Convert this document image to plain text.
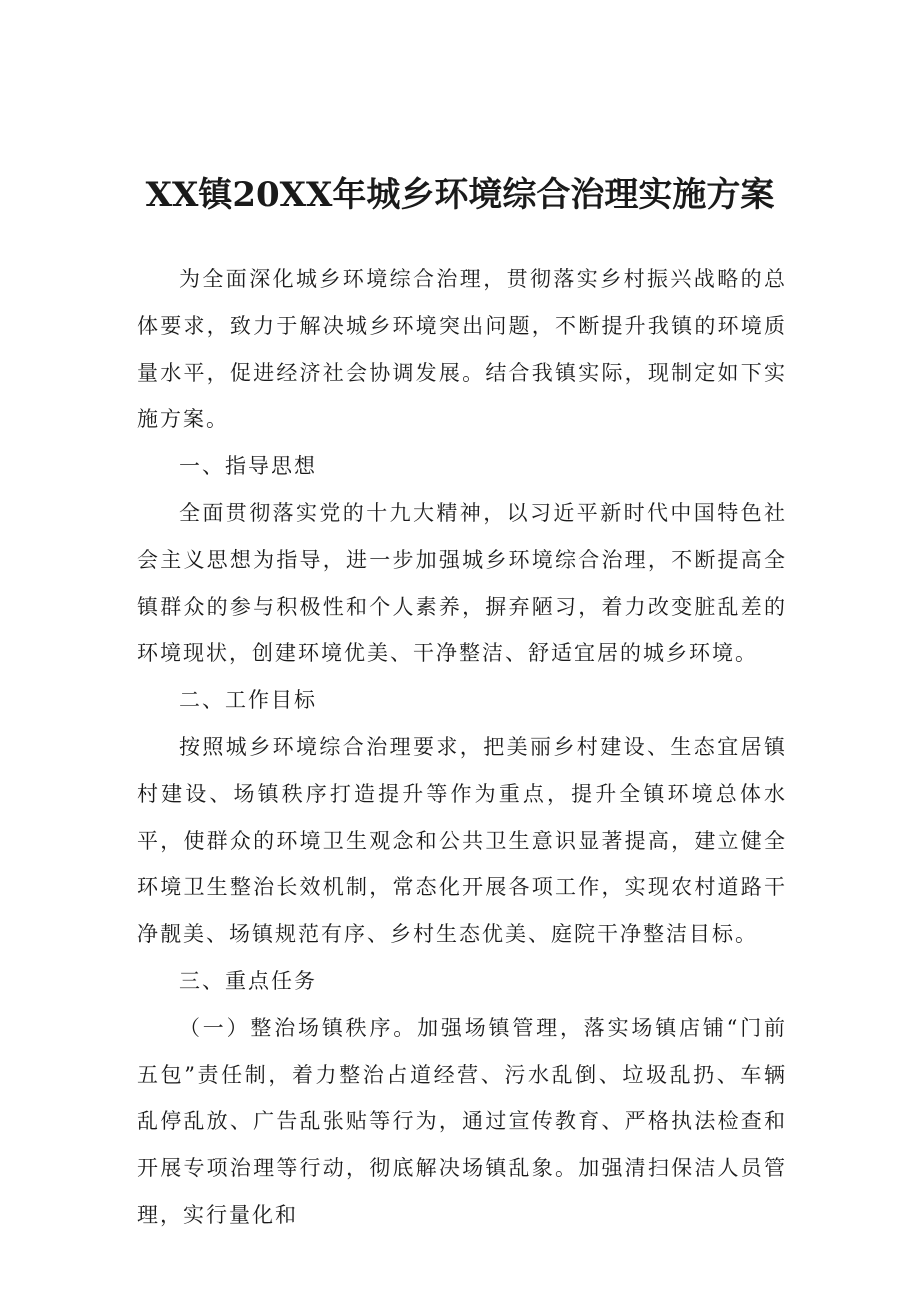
XX镇20XX年城乡环境综合治理实施方案

为全面深化城乡环境综合治理，贯彻落实乡村振兴战略的总体要求，致力于解决城乡环境突出问题，不断提升我镇的环境质量水平，促进经济社会协调发展。结合我镇实际，现制定如下实施方案。

一、指导思想

全面贯彻落实党的十九大精神，以习近平新时代中国特色社会主义思想为指导，进一步加强城乡环境综合治理，不断提高全镇群众的参与积极性和个人素养，摒弃陋习，着力改变脏乱差的环境现状，创建环境优美、干净整洁、舒适宜居的城乡环境。

二、工作目标

按照城乡环境综合治理要求，把美丽乡村建设、生态宜居镇村建设、场镇秩序打造提升等作为重点，提升全镇环境总体水平，使群众的环境卫生观念和公共卫生意识显著提高，建立健全环境卫生整治长效机制，常态化开展各项工作，实现农村道路干净靓美、场镇规范有序、乡村生态优美、庭院干净整洁目标。

三、重点任务

（一）整治场镇秩序。加强场镇管理，落实场镇店铺“门前五包”责任制，着力整治占道经营、污水乱倒、垃圾乱扔、车辆乱停乱放、广告乱张贴等行为，通过宣传教育、严格执法检查和开展专项治理等行动，彻底解决场镇乱象。加强清扫保洁人员管理，实行量化和
